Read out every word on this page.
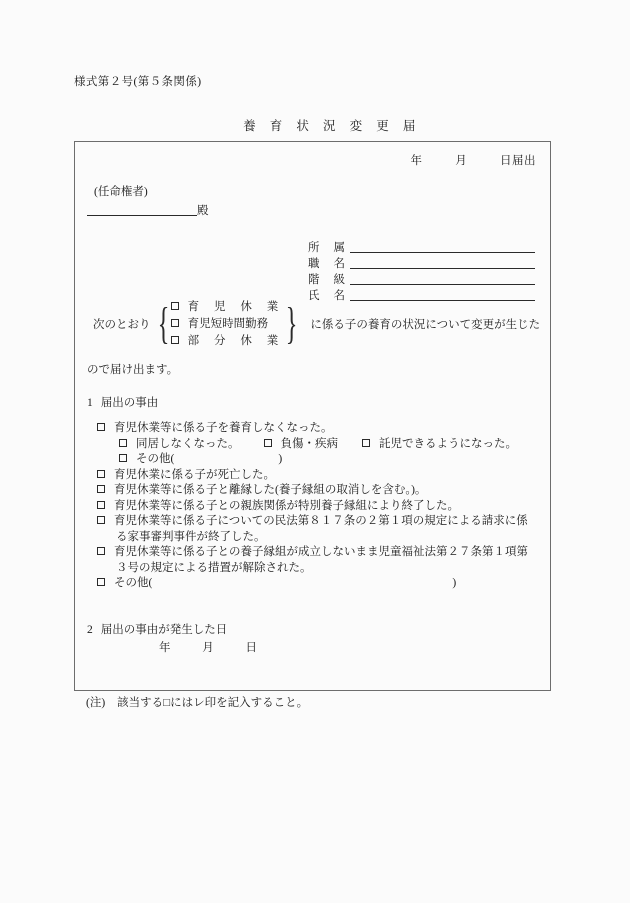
様式第２号(第５条関係)
養 育 状 況 変 更 届
年	月	日届出
(任命権者)
殿
所属
職名
階級
氏名
次のとおり {	育 児 休 業
育児短時間勤務
部 分 休 業 }	に係る子の養育の状況について変更が生じた
ので届け出ます。
1 届出の事由
育児休業等に係る子を養育しなくなった。
同居しなくなった。	負傷・疾病	託児できるようになった。
その他(	)
育児休業に係る子が死亡した。
育児休業等に係る子と離縁した(養子縁組の取消しを含む。)。
育児休業等に係る子との親族関係が特別養子縁組により終了した。
育児休業等に係る子についての民法第８１７条の２第１項の規定による請求に係
る家事審判事件が終了した。
育児休業等に係る子との養子縁組が成立しないまま児童福祉法第２７条第１項第
３号の規定による措置が解除された。
その他(	)
2 届出の事由が発生した日
年	月	日
(注) 該当する□にはレ印を記入すること。
